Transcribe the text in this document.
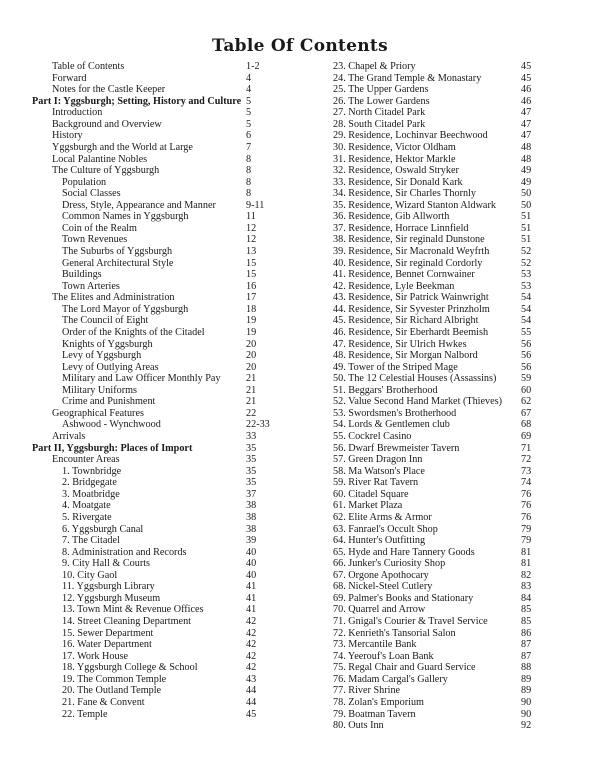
Table Of Contents
Table of Contents	1-2
Forward	4
Notes for the Castle Keeper	4
Part I: Yggsburgh; Setting, History and Culture 5
Introduction	5
Background and Overview	5
History	6
Yggsburgh and the World at Large	7
Local Palantine Nobles	8
The Culture of Yggsburgh	8
Population	8
Social Classes	8
Dress, Style, Appearance and Manner	9-11
Common Names in Yggsburgh	11
Coin of the Realm	12
Town Revenues	12
The Suburbs of Yggsburgh	13
General Architectural Style	15
Buildings	15
Town Arteries	16
The Elites and Administration	17
The Lord Mayor of Yggsburgh	18
The Council of Eight	19
Order of the Knights of the Citadel	19
Knights of Yggsburgh	20
Levy of Yggsburgh	20
Levy of Outlying Areas	20
Military and Law Officer Monthly Pay 21
Military Uniforms	21
Crime and Punishment	21
Geographical Features	22
Ashwood - Wynchwood	22-33
Arrivals	33
Part II, Yggsburgh: Places of Import	35
Encounter Areas	35
1. Townbridge	35
2. Bridgegate	35
3. Moatbridge	37
4. Moatgate	38
5. Rivergate	38
6. Yggsburgh Canal	38
7. The Citadel	39
8. Administration and Records	40
9. City Hall & Courts	40
10. City Gaol	40
11. Yggsburgh Library	41
12. Yggsburgh Museum	41
13. Town Mint & Revenue Offices	41
14. Street Cleaning Department	42
15. Sewer Department	42
16. Water Department	42
17. Work House	42
18. Yggsburgh College & School	42
19. The Common Temple	43
20. The Outland Temple	44
21. Fane & Convent	44
22. Temple	45
23. Chapel & Priory	45
24. The Grand Temple & Monastary	45
25. The Upper Gardens	46
26. The Lower Gardens	46
27. North Citadel Park	47
28. South Citadel Park	47
29. Residence, Lochinvar Beechwood	47
30. Residence, Victor Oldham	48
31. Residence, Hektor Markle	48
32. Residence, Oswald Stryker	49
33. Residence, Sir Donald Kark	49
34. Residence, Sir Charles Thornly	50
35. Residence, Wizard Stanton Aldwark 50
36. Residence, Gib Allworth	51
37. Residence, Horrace Linnfield	51
38. Residence, Sir reginald Dunstone	51
39. Residence, Sir Macronald Weyfrth	52
40. Residence, Sir reginald Cordorly	52
41. Residence, Bennet Cornwainer	53
42. Residence, Lyle Beekman	53
43. Residence, Sir Patrick Wainwright	54
44. Residence, Sir Syvester Prinzholm	54
45. Residence, Sir Richard Albright	54
46. Residence, Sir Eberhardt Beemish	55
47. Residence, Sir Ulrich Hwkes	56
48. Residence, Sir Morgan Nalbord	56
49. Tower of the Striped Mage	56
50. The 12 Celestial Houses (Assassins) 59
51. Beggars' Brotherhood	60
52. Value Second Hand Market (Thieves) 62
53. Swordsmen's Brotherhood	67
54. Lords & Gentlemen club	68
55. Cockrel Casino	69
56. Dwarf Brewmeister Tavern	71
57. Green Dragon Inn	72
58. Ma Watson's Place	73
59. River Rat Tavern	74
60. Citadel Square	76
61. Market Plaza	76
62. Elite Arms & Armor	76
63. Fanrael's Occult Shop	79
64. Hunter's Outfitting	79
65. Hyde and Hare Tannery Goods	81
66. Junker's Curiosity Shop	81
67. Orgone Apothocary	82
68. Nickel-Steel Cutlery	83
69. Palmer's Books and Stationary	84
70. Quarrel and Arrow	85
71. Gnigal's Courier & Travel Service	85
72. Kenrieth's Tansorial Salon	86
73. Mercantile Bank	87
74. Yeerouf's Loan Bank	87
75. Regal Chair and Guard Service	88
76. Madam Cargal's Gallery	89
77. River Shrine	89
78. Zolan's Emporium	90
79. Boatman Tavern	90
80. Outs Inn	92
